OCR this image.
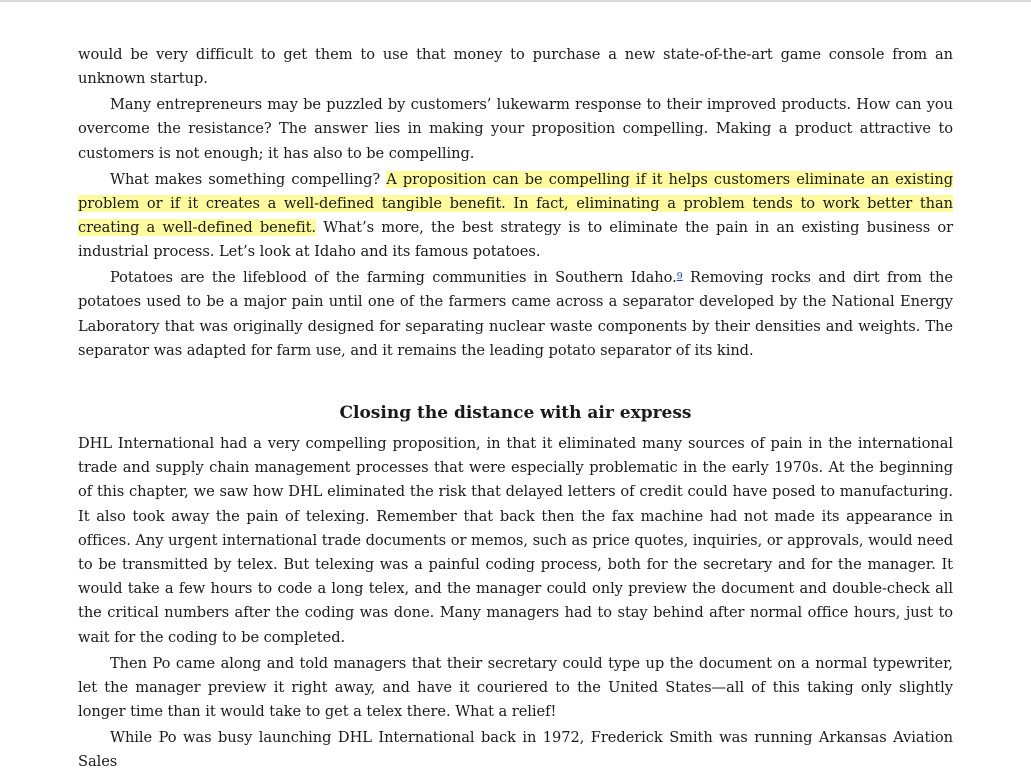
would be very difficult to get them to use that money to purchase a new state-of-the-art game console from an unknown startup.

Many entrepreneurs may be puzzled by customers’ lukewarm response to their improved products. How can you overcome the resistance? The answer lies in making your proposition compelling. Making a product attractive to customers is not enough; it has also to be compelling.

What makes something compelling? A proposition can be compelling if it helps customers eliminate an existing problem or if it creates a well-defined tangible benefit. In fact, eliminating a problem tends to work better than creating a well-defined benefit. What’s more, the best strategy is to eliminate the pain in an existing business or industrial process. Let’s look at Idaho and its famous potatoes.

Potatoes are the lifeblood of the farming communities in Southern Idaho.$^9$ Removing rocks and dirt from the potatoes used to be a major pain until one of the farmers came across a separator developed by the National Energy Laboratory that was originally designed for separating nuclear waste components by their densities and weights. The separator was adapted for farm use, and it remains the leading potato separator of its kind.

Closing the distance with air express

DHL International had a very compelling proposition, in that it eliminated many sources of pain in the international trade and supply chain management processes that were especially problematic in the early 1970s. At the beginning of this chapter, we saw how DHL eliminated the risk that delayed letters of credit could have posed to manufacturing. It also took away the pain of telexing. Remember that back then the fax machine had not made its appearance in offices. Any urgent international trade documents or memos, such as price quotes, inquiries, or approvals, would need to be transmitted by telex. But telexing was a painful coding process, both for the secretary and for the manager. It would take a few hours to code a long telex, and the manager could only preview the document and double-check all the critical numbers after the coding was done. Many managers had to stay behind after normal office hours, just to wait for the coding to be completed.

Then Po came along and told managers that their secretary could type up the document on a normal typewriter, let the manager preview it right away, and have it couriered to the United States—all of this taking only slightly longer time than it would take to get a telex there. What a relief!

While Po was busy launching DHL International back in 1972, Frederick Smith was running Arkansas Aviation Sales
